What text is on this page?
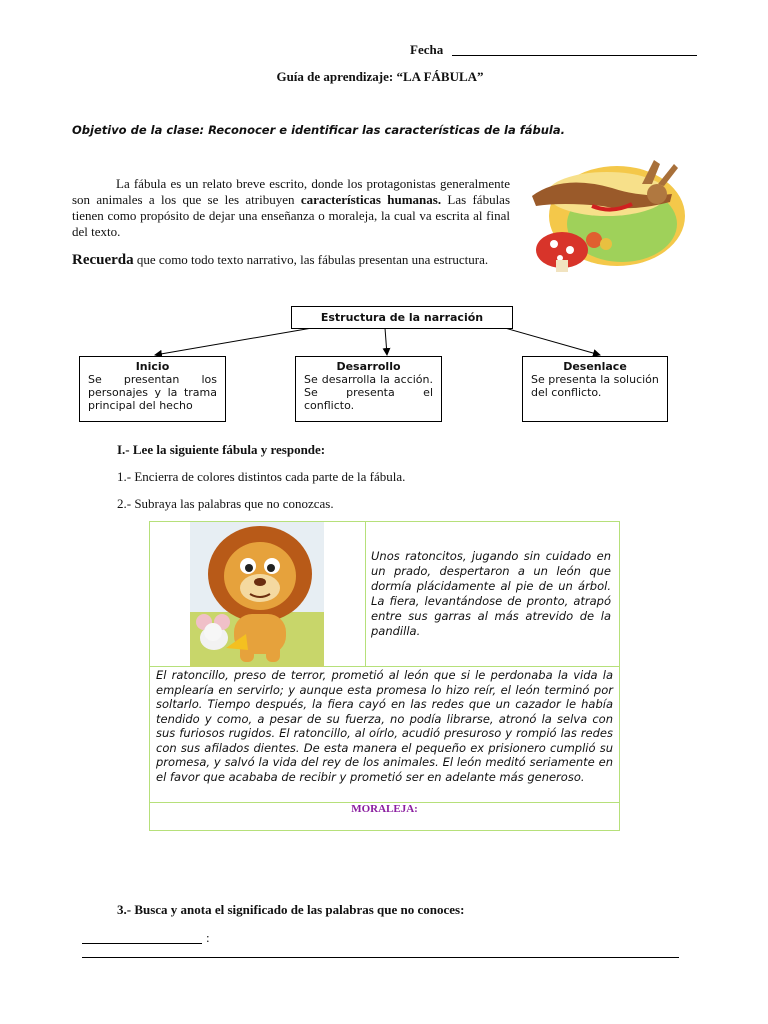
Fecha
Guía de aprendizaje: “LA FÁBULA”
Objetivo de la clase: Reconocer e identificar las características de la fábula.
La fábula es un relato breve escrito, donde los protagonistas generalmente son animales a los que se les atribuyen características humanas. Las fábulas tienen como propósito de dejar una enseñanza o moraleja, la cual va escrita al final del texto.
Recuerda que como todo texto narrativo, las fábulas presentan una estructura.
Estructura de la narración
Inicio
Se presentan los personajes y la trama principal del hecho
Desarrollo
Se desarrolla la acción. Se presenta el conflicto.
Desenlace
Se presenta la solución del conflicto.
I.- Lee la siguiente fábula y responde:
1.- Encierra de colores distintos cada parte de la fábula.
2.- Subraya las palabras que no conozcas.
Unos ratoncitos, jugando sin cuidado en un prado, despertaron a un león que dormía plácidamente al pie de un árbol. La fiera, levantándose de pronto, atrapó entre sus garras al más atrevido de la pandilla.
El ratoncillo, preso de terror, prometió al león que si le perdonaba la vida la emplearía en servirlo; y aunque esta promesa lo hizo reír, el león terminó por soltarlo. Tiempo después, la fiera cayó en las redes que un cazador le había tendido y como, a pesar de su fuerza, no podía librarse, atronó la selva con sus furiosos rugidos. El ratoncillo, al oírlo, acudió presuroso y rompió las redes con sus afilados dientes. De esta manera el pequeño ex prisionero cumplió su promesa, y salvó la vida del rey de los animales. El león meditó seriamente en el favor que acababa de recibir y prometió ser en adelante más generoso.
MORALEJA:
3.- Busca y anota el significado de las palabras que no conoces:
:
